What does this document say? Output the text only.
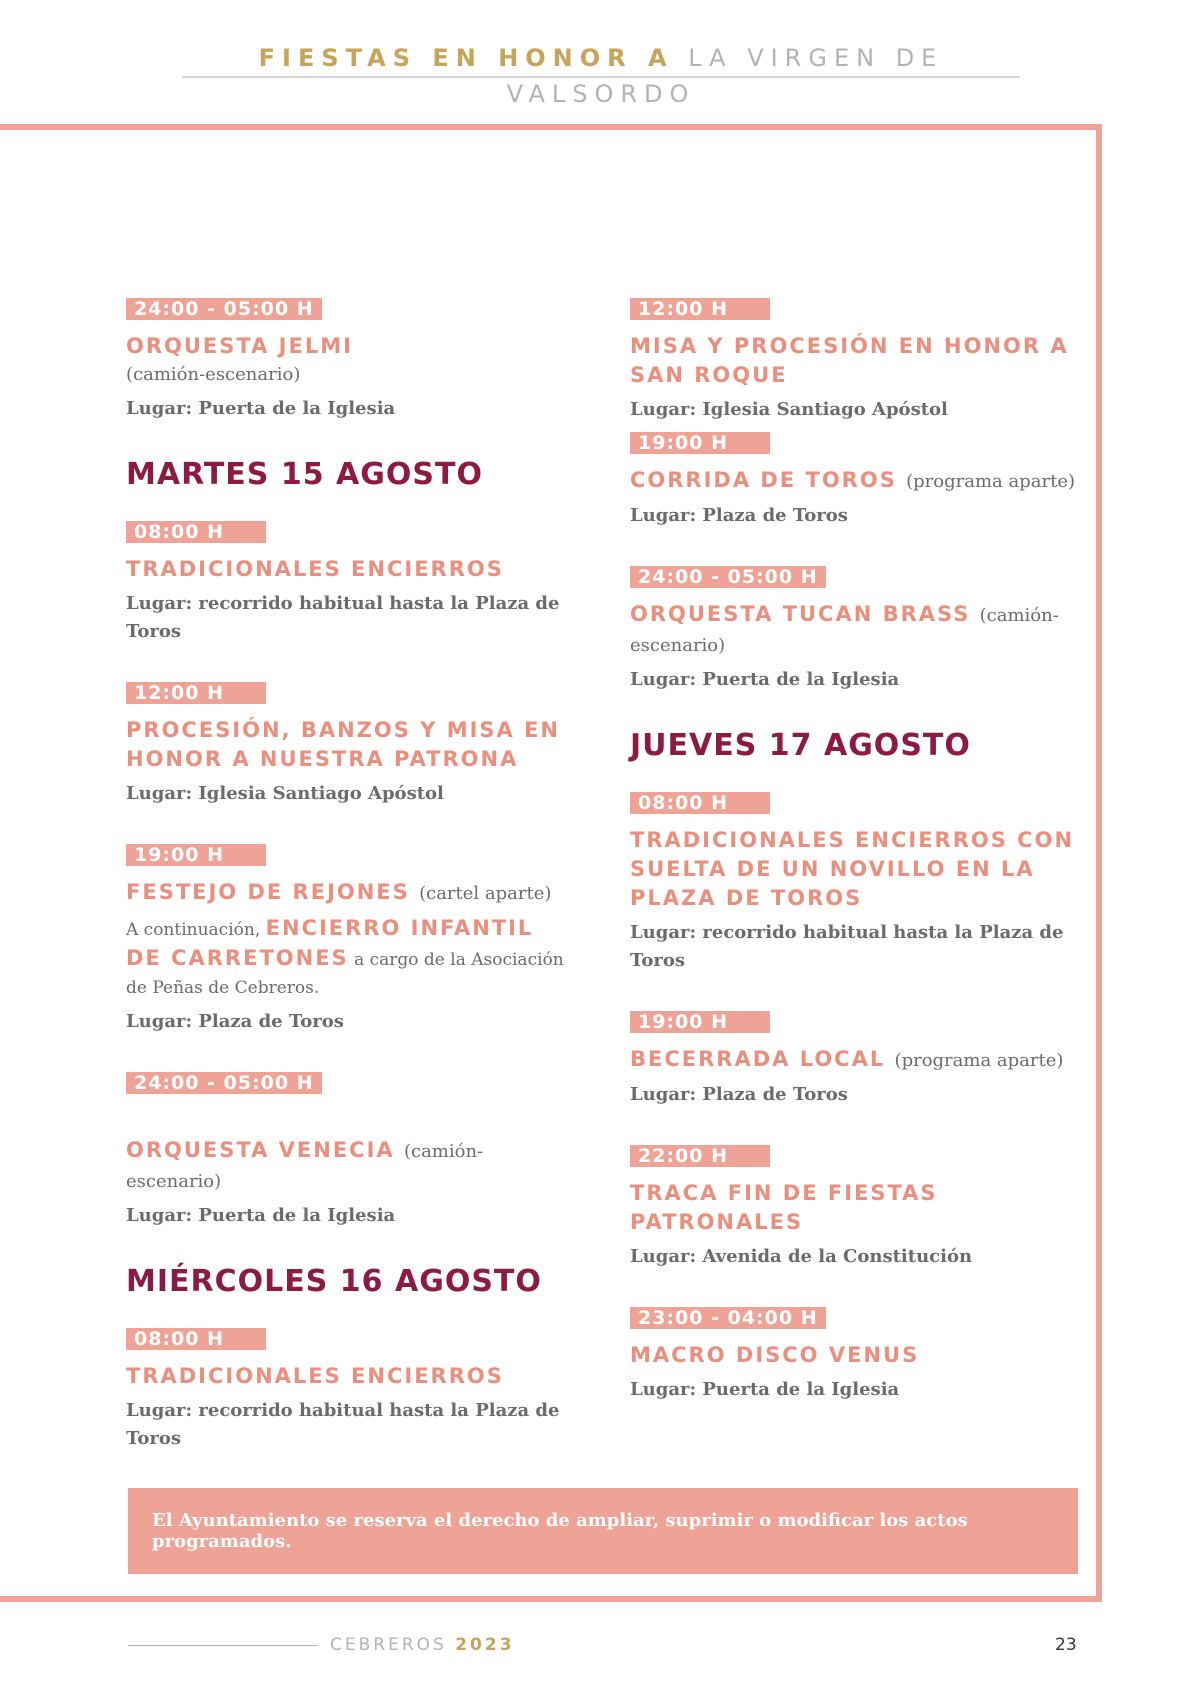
FIESTAS EN HONOR A LA VIRGEN DE VALSORDO
24:00 - 05:00 H
ORQUESTA JELMI
(camión-escenario)
Lugar: Puerta de la Iglesia
MARTES 15 AGOSTO
08:00 H
TRADICIONALES ENCIERROS
Lugar: recorrido habitual hasta la Plaza de Toros
12:00 H
PROCESIÓN, BANZOS Y MISA EN HONOR A NUESTRA PATRONA
Lugar: Iglesia Santiago Apóstol
19:00 H
FESTEJO DE REJONES (cartel aparte)
A continuación, ENCIERRO INFANTIL DE CARRETONES a cargo de la Asociación de Peñas de Cebreros.
Lugar: Plaza de Toros
24:00 - 05:00 H
ORQUESTA VENECIA (camión-escenario)
Lugar: Puerta de la Iglesia
MIÉRCOLES 16 AGOSTO
08:00 H
TRADICIONALES ENCIERROS
Lugar: recorrido habitual hasta la Plaza de Toros
12:00 H
MISA Y PROCESIÓN EN HONOR A SAN ROQUE
Lugar: Iglesia Santiago Apóstol
19:00 H
CORRIDA DE TOROS (programa aparte)
Lugar: Plaza de Toros
24:00 - 05:00 H
ORQUESTA TUCAN BRASS (camión-escenario)
Lugar: Puerta de la Iglesia
JUEVES 17 AGOSTO
08:00 H
TRADICIONALES ENCIERROS CON SUELTA DE UN NOVILLO EN LA PLAZA DE TOROS
Lugar: recorrido habitual hasta la Plaza de Toros
19:00 H
BECERRADA LOCAL (programa aparte)
Lugar: Plaza de Toros
22:00 H
TRACA FIN DE FIESTAS PATRONALES
Lugar: Avenida de la Constitución
23:00 - 04:00 H
MACRO DISCO VENUS
Lugar: Puerta de la Iglesia
El Ayuntamiento se reserva el derecho de ampliar, suprimir o modificar los actos programados.
CEBREROS 2023	23
